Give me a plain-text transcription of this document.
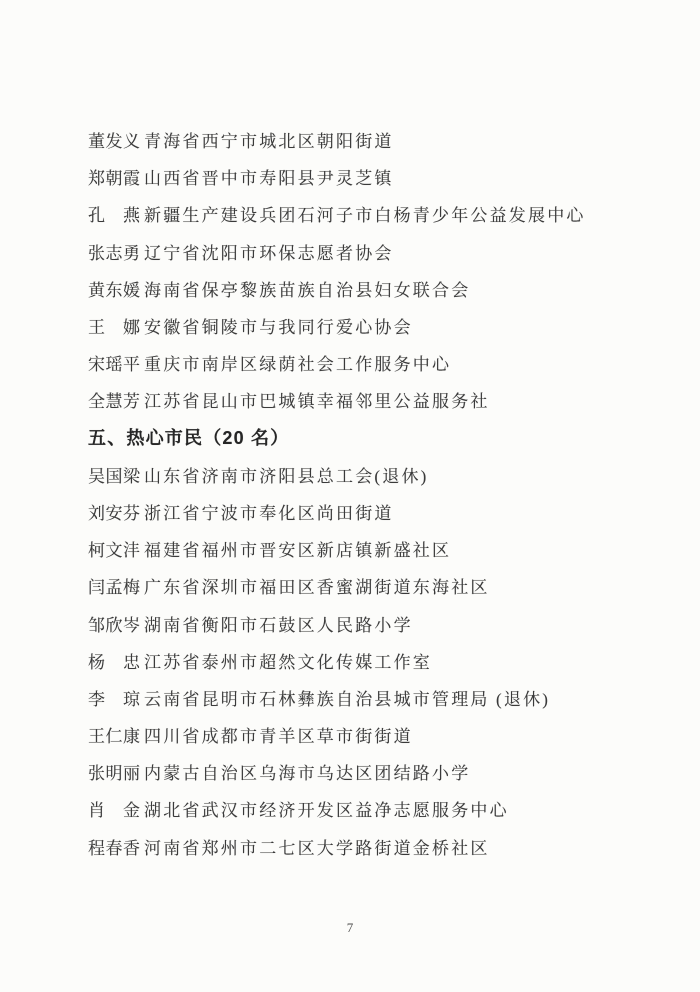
董发义 青海省西宁市城北区朝阳街道
郑朝霞 山西省晋中市寿阳县尹灵芝镇
孔　燕 新疆生产建设兵团石河子市白杨青少年公益发展中心
张志勇 辽宁省沈阳市环保志愿者协会
黄东媛 海南省保亭黎族苗族自治县妇女联合会
王　娜 安徽省铜陵市与我同行爱心协会
宋瑶平 重庆市南岸区绿荫社会工作服务中心
全慧芳 江苏省昆山市巴城镇幸福邻里公益服务社
五、热心市民（20 名）
吴国梁 山东省济南市济阳县总工会(退休)
刘安芬 浙江省宁波市奉化区尚田街道
柯文沣 福建省福州市晋安区新店镇新盛社区
闫孟梅 广东省深圳市福田区香蜜湖街道东海社区
邹欣岑 湖南省衡阳市石鼓区人民路小学
杨　忠 江苏省泰州市超然文化传媒工作室
李　琼 云南省昆明市石林彝族自治县城市管理局 (退休)
王仁康 四川省成都市青羊区草市街街道
张明丽 内蒙古自治区乌海市乌达区团结路小学
肖　金 湖北省武汉市经济开发区益净志愿服务中心
程春香 河南省郑州市二七区大学路街道金桥社区
7
